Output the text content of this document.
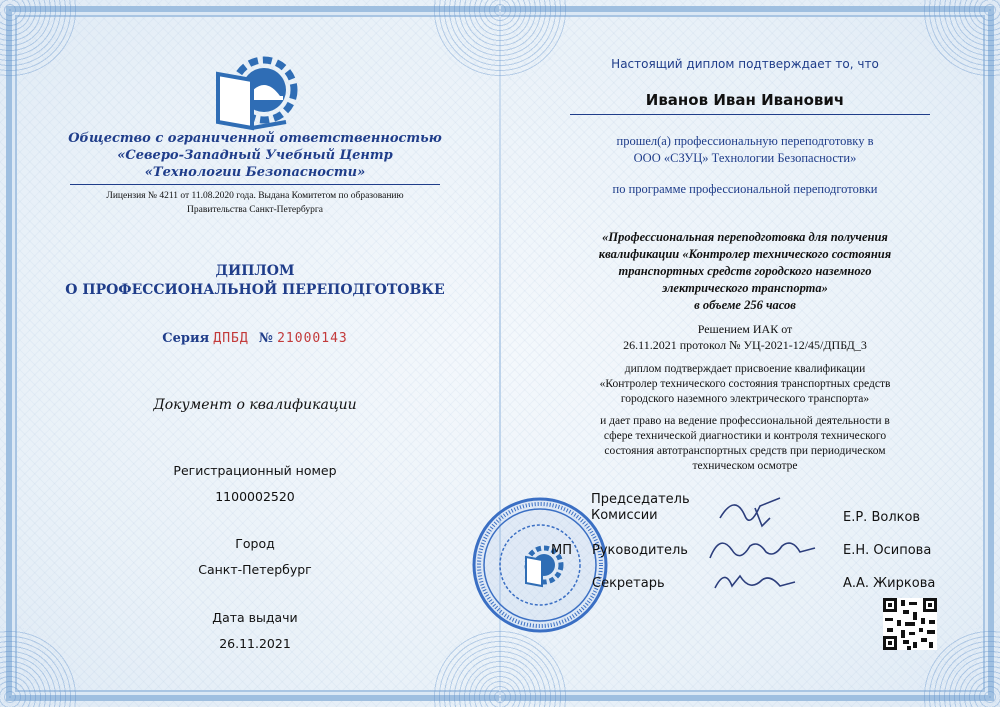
Общество с ограниченной ответственностью
«Северо-Западный Учебный Центр
«Технологии Безопасности»
Лицензия № 4211 от 11.08.2020 года. Выдана Комитетом по образованию
Правительства Санкт-Петербурга
ДИПЛОМ
О ПРОФЕССИОНАЛЬНОЙ ПЕРЕПОДГОТОВКЕ
Серия ДПБД № 21000143
Документ о квалификации
Регистрационный номер
1100002520
Город
Санкт-Петербург
Дата выдачи
26.11.2021
Настоящий диплом подтверждает то, что
Иванов Иван Иванович
прошел(а) профессиональную переподготовку в
ООО «СЗУЦ» Технологии Безопасности»
по программе профессиональной переподготовки
«Профессиональная переподготовка для получения
квалификации «Контролер технического состояния
транспортных средств городского наземного
электрического транспорта»
в объеме 256 часов
Решением ИАК от
26.11.2021 протокол № УЦ-2021-12/45/ДПБД_3
диплом подтверждает присвоение квалификации
«Контролер технического состояния транспортных средств
городского наземного электрического транспорта»
и дает право на ведение профессиональной деятельности в
сфере технической диагностики и контроля технического
состояния автотранспортных средств при периодическом
техническом осмотре
Председатель
Комиссии	Е.Р. Волков
МП Руководитель	Е.Н. Осипова
Секретарь	А.А. Жиркова
